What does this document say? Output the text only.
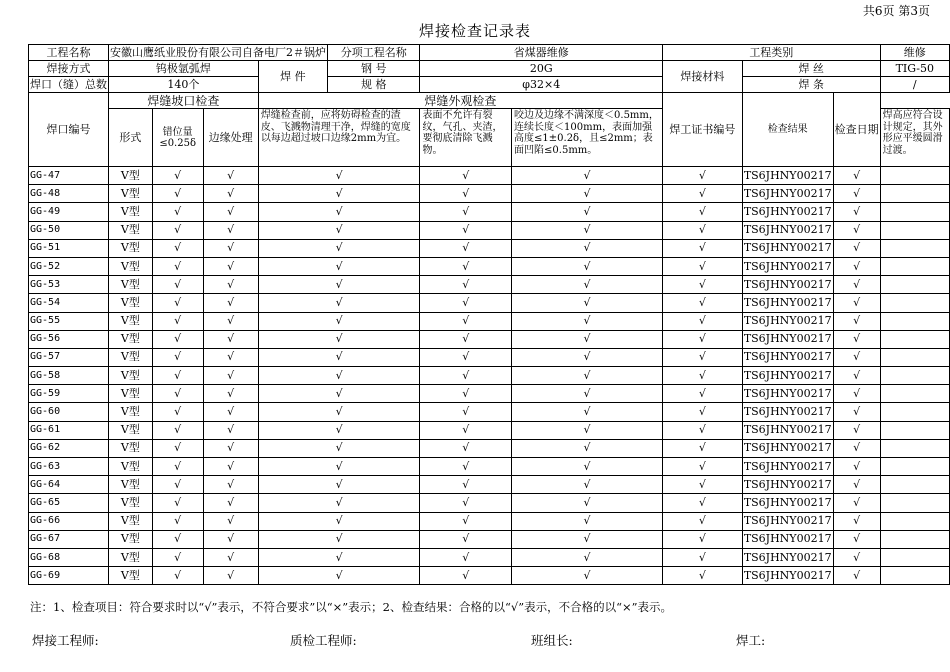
共6页 第3页
焊接检查记录表
工程名称	安徽山鹰纸业股份有限公司自备电厂2＃锅炉				分项工程名称	省煤器维修		工程类别			维修
焊接方式	钨极氩弧焊			焊 件	钢 号	20G		焊接材料	焊 丝		TIG-50
焊口（缝）总数	140个				规 格	φ32×4			焊 条		/
焊口编号	焊缝坡口检查			焊缝外观检查				焊工证书编号	检查结果	检查日期	
	形式	错位量≤0.25δ	边缘处理	焊缝检查前，应将妨碍检查的渣皮、飞溅物清理干净，焊缝的宽度以每边超过坡口边缘2mm为宜。		表面不允许有裂纹，气孔、夹渣，要彻底清除飞溅物。	咬边及边缘不满深度＜0.5mm，连续长度＜100mm，表面加强高度≤1±0.2δ，且≤2mm；表面凹陷≤0.5mm。				焊高应符合设计规定，其外形应平缓圆滑过渡。
GG-47	V型	√	√	√		√	√	√	TS6JHNY00217	√	
GG-48	V型	√	√	√		√	√	√	TS6JHNY00217	√	
GG-49	V型	√	√	√		√	√	√	TS6JHNY00217	√	
GG-50	V型	√	√	√		√	√	√	TS6JHNY00217	√	
GG-51	V型	√	√	√		√	√	√	TS6JHNY00217	√	
GG-52	V型	√	√	√		√	√	√	TS6JHNY00217	√	
GG-53	V型	√	√	√		√	√	√	TS6JHNY00217	√	
GG-54	V型	√	√	√		√	√	√	TS6JHNY00217	√	
GG-55	V型	√	√	√		√	√	√	TS6JHNY00217	√	
GG-56	V型	√	√	√		√	√	√	TS6JHNY00217	√	
GG-57	V型	√	√	√		√	√	√	TS6JHNY00217	√	
GG-58	V型	√	√	√		√	√	√	TS6JHNY00217	√	
GG-59	V型	√	√	√		√	√	√	TS6JHNY00217	√	
GG-60	V型	√	√	√		√	√	√	TS6JHNY00217	√	
GG-61	V型	√	√	√		√	√	√	TS6JHNY00217	√	
GG-62	V型	√	√	√		√	√	√	TS6JHNY00217	√	
GG-63	V型	√	√	√		√	√	√	TS6JHNY00217	√	
GG-64	V型	√	√	√		√	√	√	TS6JHNY00217	√	
GG-65	V型	√	√	√		√	√	√	TS6JHNY00217	√	
GG-66	V型	√	√	√		√	√	√	TS6JHNY00217	√	
GG-67	V型	√	√	√		√	√	√	TS6JHNY00217	√	
GG-68	V型	√	√	√		√	√	√	TS6JHNY00217	√	
GG-69	V型	√	√	√		√	√	√	TS6JHNY00217	√	
注：1、检查项目：符合要求时以“√”表示，不符合要求”以“×”表示；2、检查结果：合格的以“√”表示，不合格的以“×”表示。
焊接工程师:	质检工程师:	班组长:	焊工:
